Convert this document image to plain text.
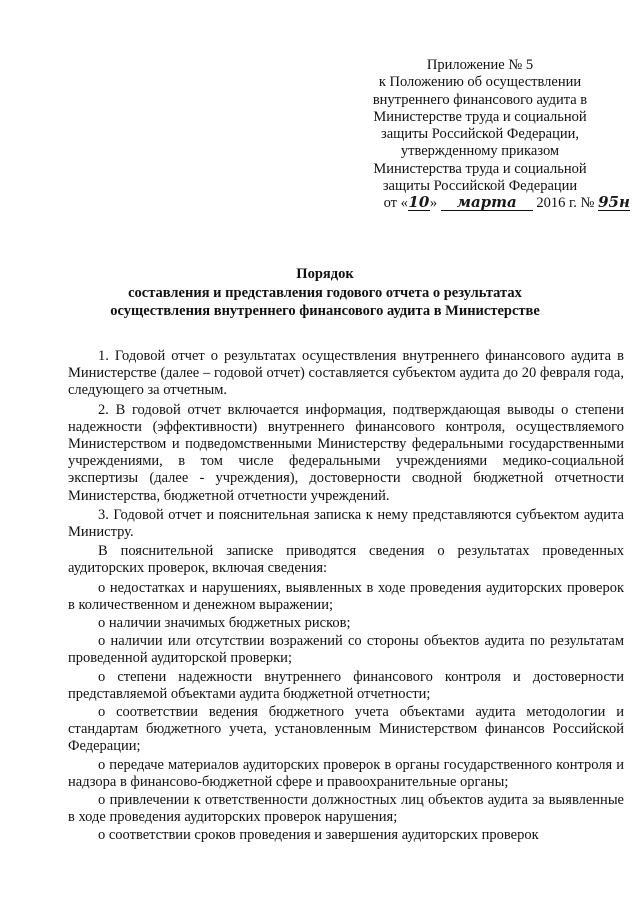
Приложение № 5
к Положению об осуществлении
внутреннего финансового аудита в
Министерстве труда и социальной
защиты Российской Федерации,
утвержденному приказом
Министерства труда и социальной
защиты Российской Федерации
от «10» марта 2016 г. № 95н
Порядок
составления и представления годового отчета о результатах
осуществления внутреннего финансового аудита в Министерстве

1. Годовой отчет о результатах осуществления внутреннего финансового аудита в Министерстве (далее – годовой отчет) составляется субъектом аудита до 20 февраля года, следующего за отчетным.

2. В годовой отчет включается информация, подтверждающая выводы о степени надежности (эффективности) внутреннего финансового контроля, осуществляемого Министерством и подведомственными Министерству федеральными государственными учреждениями, в том числе федеральными учреждениями медико-социальной экспертизы (далее - учреждения), достоверности сводной бюджетной отчетности Министерства, бюджетной отчетности учреждений.

3. Годовой отчет и пояснительная записка к нему представляются субъектом аудита Министру.

В пояснительной записке приводятся сведения о результатах проведенных аудиторских проверок, включая сведения:

о недостатках и нарушениях, выявленных в ходе проведения аудиторских проверок в количественном и денежном выражении;

о наличии значимых бюджетных рисков;

о наличии или отсутствии возражений со стороны объектов аудита по результатам проведенной аудиторской проверки;

о степени надежности внутреннего финансового контроля и достоверности представляемой объектами аудита бюджетной отчетности;

о соответствии ведения бюджетного учета объектами аудита методологии и стандартам бюджетного учета, установленным Министерством финансов Российской Федерации;

о передаче материалов аудиторских проверок в органы государственного контроля и надзора в финансово-бюджетной сфере и правоохранительные органы;

о привлечении к ответственности должностных лиц объектов аудита за выявленные в ходе проведения аудиторских проверок нарушения;

о соответствии сроков проведения и завершения аудиторских проверок
